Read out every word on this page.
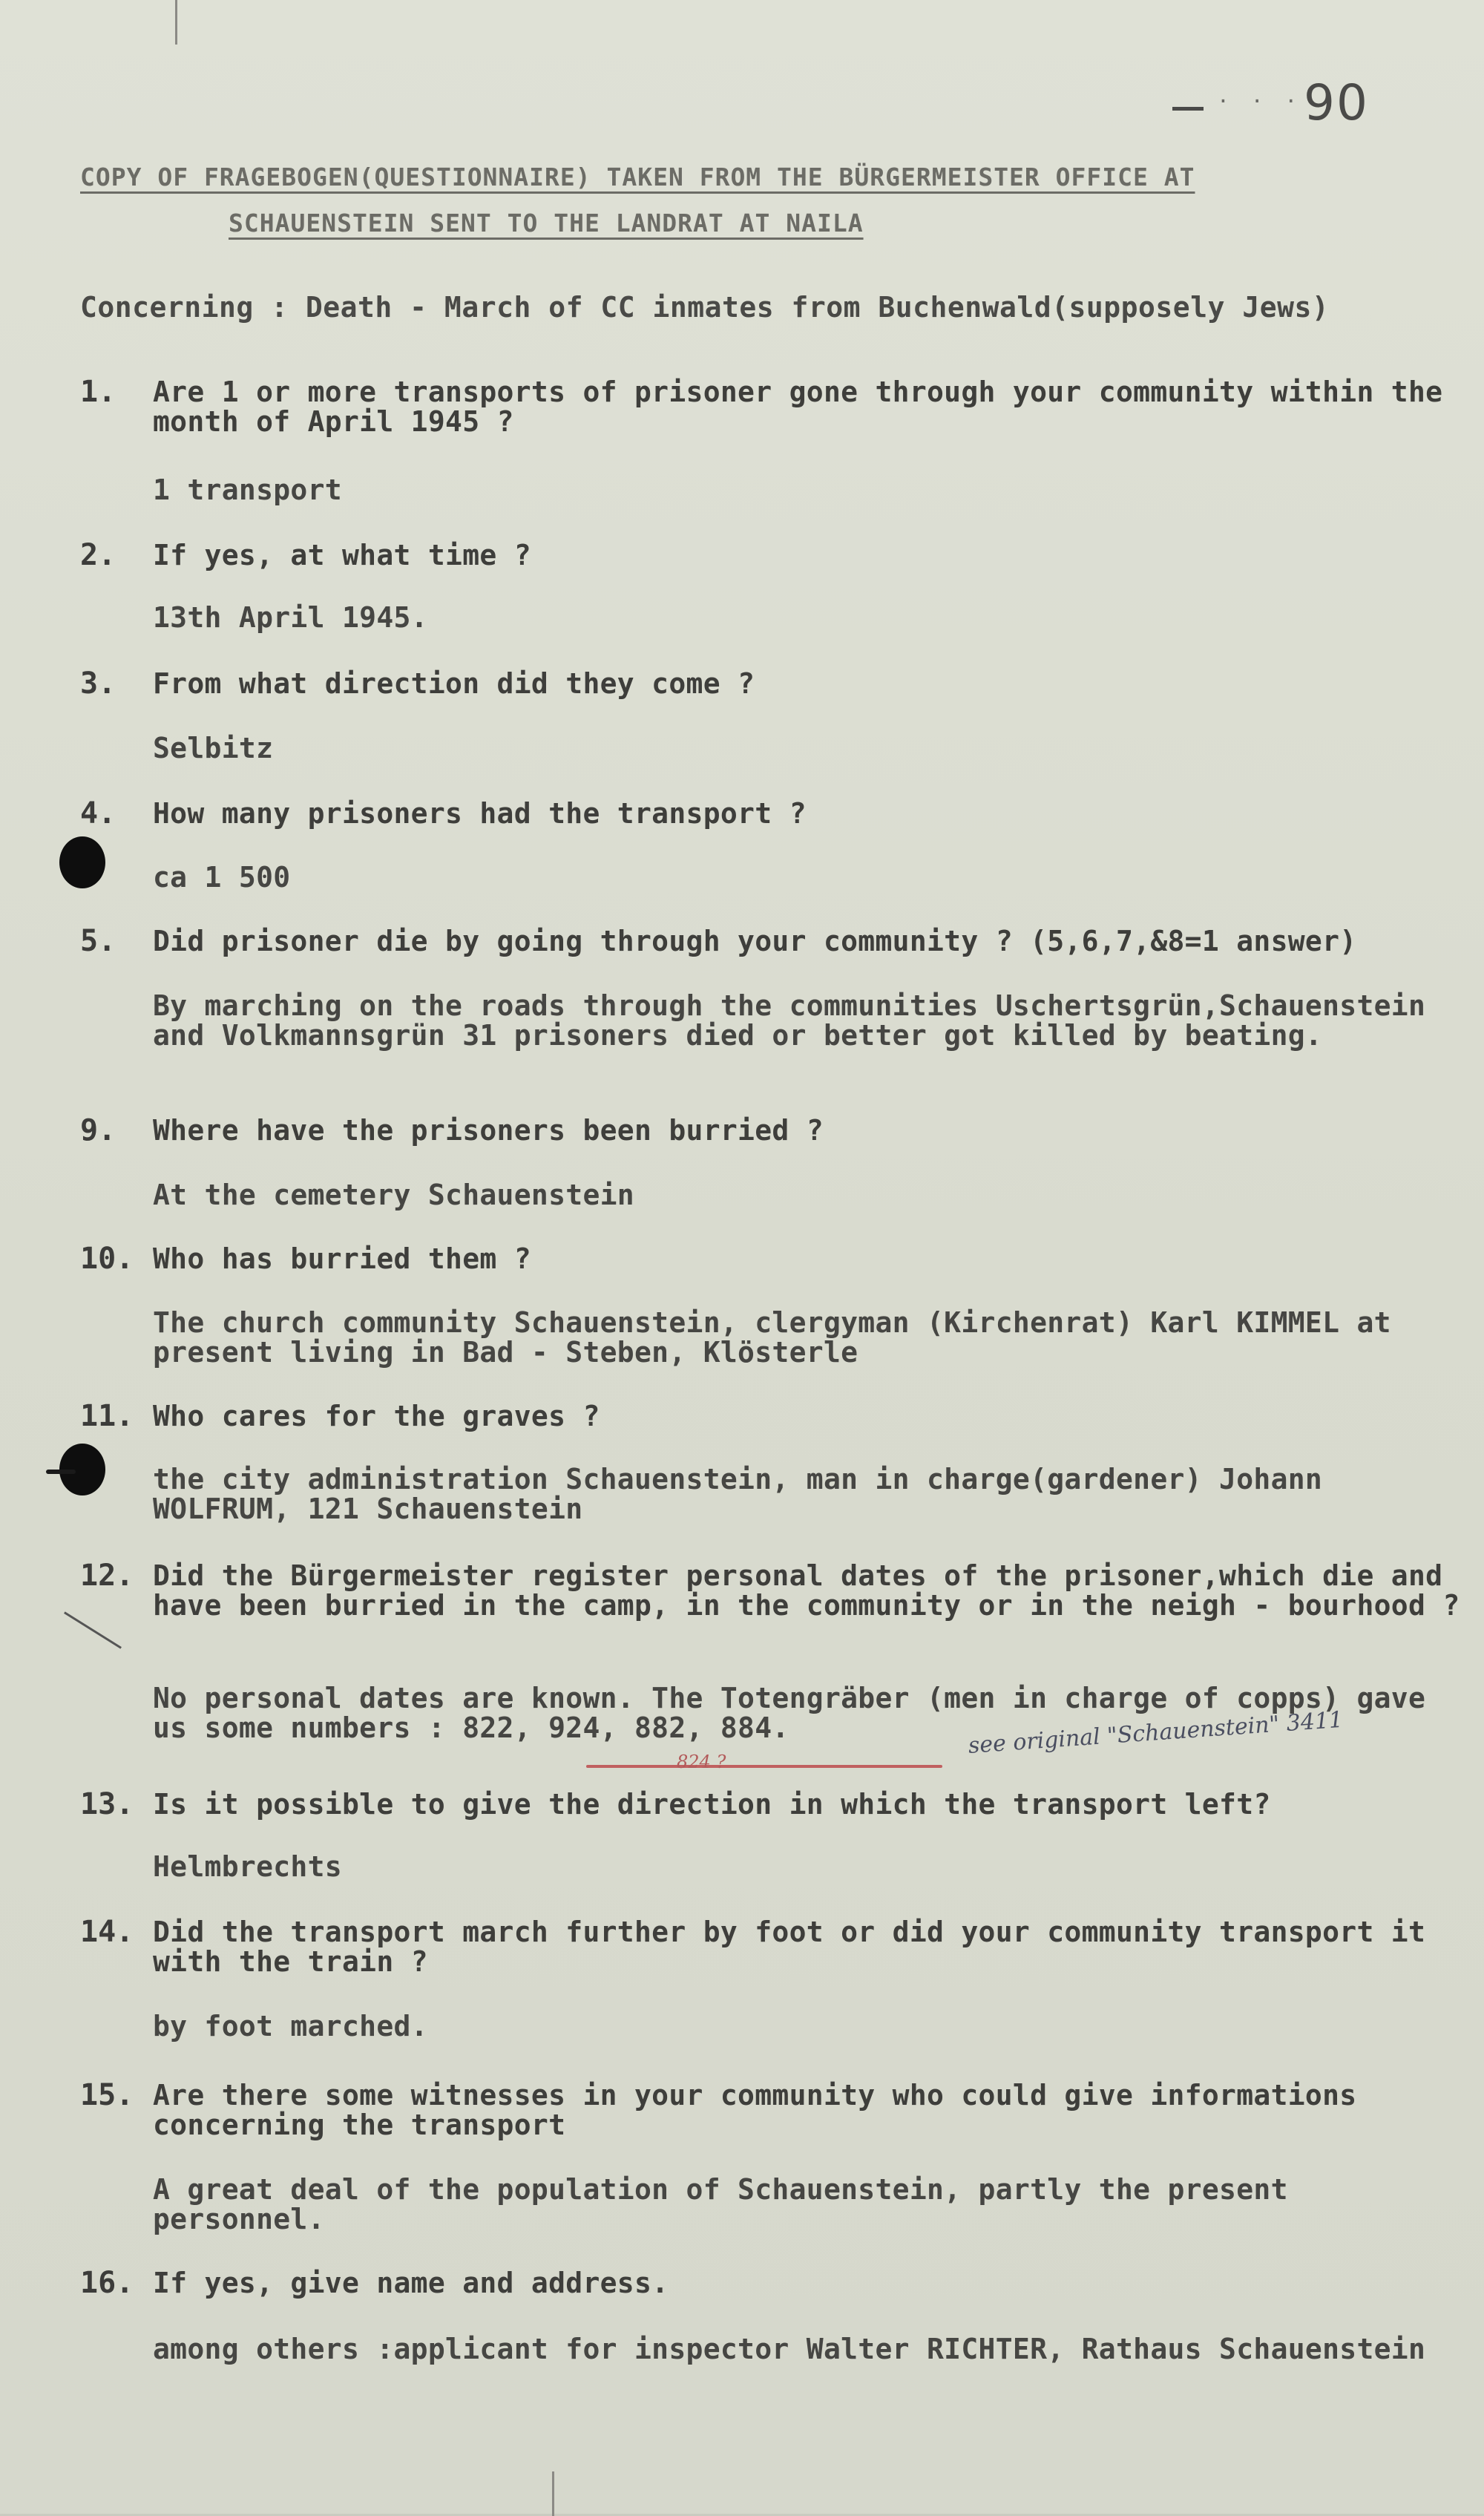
. . . 90
COPY OF FRAGEBOGEN(QUESTIONNAIRE) TAKEN FROM THE BÜRGERMEISTER OFFICE AT
SCHAUENSTEIN SENT TO THE LANDRAT AT NAILA
Concerning : Death - March of CC inmates from Buchenwald(supposely Jews)
1.	Are 1 or more transports of prisoner gone through your community within the month of April 1945 ?
1 transport
2.	If yes, at what time ?
13th April 1945.
3.	From what direction did they come ?
Selbitz
4.	How many prisoners had the transport ?
ca 1 500
5.	Did prisoner die by going through your community ? (5,6,7,&8=1 answer)
By marching on the roads through the communities Uschertsgrün,Schauenstein and Volkmannsgrün 31 prisoners died or better got killed by beating.
9.	Where have the prisoners been burried ?
At the cemetery Schauenstein
10. Who has burried them ?
The church community Schauenstein, clergyman (Kirchenrat) Karl KIMMEL at present living in Bad - Steben, Klösterle
11. Who cares for the graves ?
the city administration Schauenstein, man in charge(gardener) Johann WOLFRUM, 121 Schauenstein
12. Did the Bürgermeister register personal dates of the prisoner,which die and have been burried in the camp, in the community or in the neigh - bourhood ?
No personal dates are known. The Totengräber (men in charge of copps) gave us some numbers : 822, 924, 882, 884.
824 ?
see original "Schauenstein" 3411
13. Is it possible to give the direction in which the transport left?
Helmbrechts
14. Did the transport march further by foot or did your community transport it with the train ?
by foot marched.
15. Are there some witnesses in your community who could give informations concerning the transport
A great deal of the population of Schauenstein, partly the present personnel.
16. If yes, give name and address.
among others :applicant for inspector Walter RICHTER, Rathaus Schauenstein
